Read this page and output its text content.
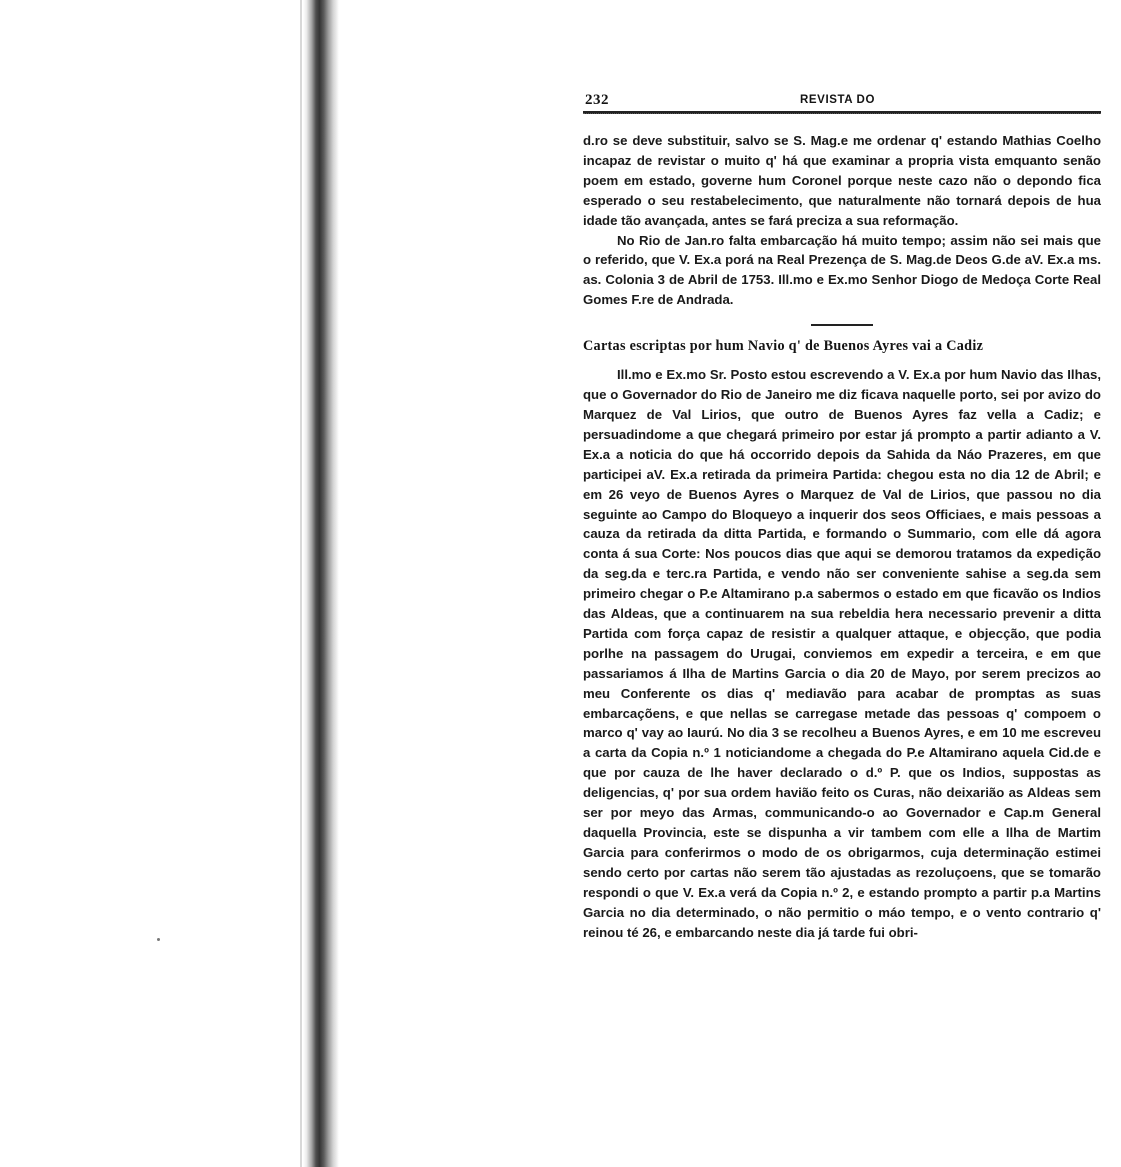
232	REVISTA DO

d.ro se deve substituir, salvo se S. Mag.e me ordenar q' estando Mathias Coelho incapaz de revistar o muito q' há que examinar a propria vista emquanto senão poem em estado, governe hum Coronel porque neste cazo não o depondo fica esperado o seu restabelecimento, que naturalmente não tornará depois de hua idade tão avançada, antes se fará preciza a sua reformação.

No Rio de Jan.ro falta embarcação há muito tempo; assim não sei mais que o referido, que V. Ex.a porá na Real Prezença de S. Mag.de Deos G.de aV. Ex.a ms. as. Colonia 3 de Abril de 1753. Ill.mo e Ex.mo Senhor Diogo de Medoça Corte Real Gomes F.re de Andrada.

Cartas escriptas por hum Navio q' de Buenos Ayres vai a Cadiz

Ill.mo e Ex.mo Sr. Posto estou escrevendo a V. Ex.a por hum Navio das Ilhas, que o Governador do Rio de Janeiro me diz ficava naquelle porto, sei por avizo do Marquez de Val Lirios, que outro de Buenos Ayres faz vella a Cadiz; e persuadindome a que chegará primeiro por estar já prompto a partir adianto a V. Ex.a a noticia do que há occorrido depois da Sahida da Náo Prazeres, em que participei aV. Ex.a retirada da primeira Partida: chegou esta no dia 12 de Abril; e em 26 veyo de Buenos Ayres o Marquez de Val de Lirios, que passou no dia seguinte ao Campo do Bloqueyo a inquerir dos seos Officiaes, e mais pessoas a cauza da retirada da ditta Partida, e formando o Summario, com elle dá agora conta á sua Corte: Nos poucos dias que aqui se demorou tratamos da expedição da seg.da e terc.ra Partida, e vendo não ser conveniente sahise a seg.da sem primeiro chegar o P.e Altamirano p.a sabermos o estado em que ficavão os Indios das Aldeas, que a continuarem na sua rebeldia hera necessario prevenir a ditta Partida com força capaz de resistir a qualquer attaque, e objecção, que podia porlhe na passagem do Urugai, conviemos em expedir a terceira, e em que passariamos á Ilha de Martins Garcia o dia 20 de Mayo, por serem precizos ao meu Conferente os dias q' mediavão para acabar de promptas as suas embarcaçõens, e que nellas se carregase metade das pessoas q' compoem o marco q' vay ao Iaurú. No dia 3 se recolheu a Buenos Ayres, e em 10 me escreveu a carta da Copia n.º 1 noticiandome a chegada do P.e Altamirano aquela Cid.de e que por cauza de lhe haver declarado o d.º P. que os Indios, suppostas as deligencias, q' por sua ordem havião feito os Curas, não deixarião as Aldeas sem ser por meyo das Armas, communicando-o ao Governador e Cap.m General daquella Provincia, este se dispunha a vir tambem com elle a Ilha de Martim Garcia para conferirmos o modo de os obrigarmos, cuja determinação estimei sendo certo por cartas não serem tão ajustadas as rezoluçoens, que se tomarão respondi o que V. Ex.a verá da Copia n.º 2, e estando prompto a partir p.a Martins Garcia no dia determinado, o não permitio o máo tempo, e o vento contrario q' reinou té 26, e embarcando neste dia já tarde fui obri-
